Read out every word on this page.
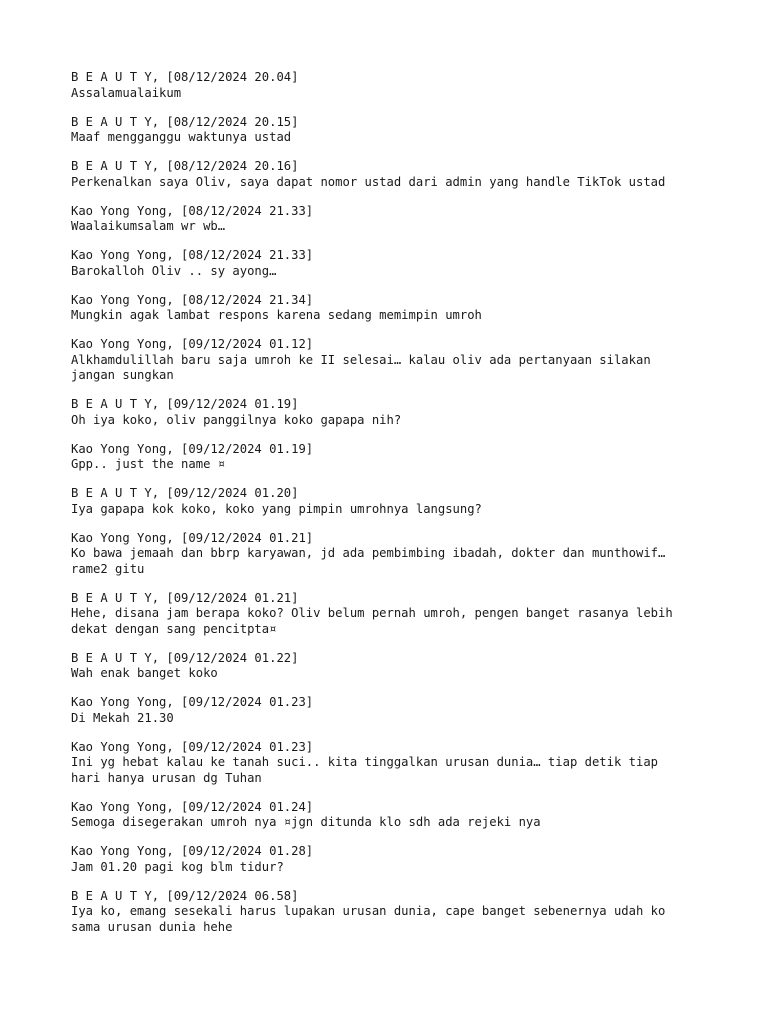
B E A U T Y, [08/12/2024 20.04]
Assalamualaikum
B E A U T Y, [08/12/2024 20.15]
Maaf mengganggu waktunya ustad
B E A U T Y, [08/12/2024 20.16]
Perkenalkan saya Oliv, saya dapat nomor ustad dari admin yang handle TikTok ustad
Kao Yong Yong, [08/12/2024 21.33]
Waalaikumsalam wr wb…
Kao Yong Yong, [08/12/2024 21.33]
Barokalloh Oliv .. sy ayong…
Kao Yong Yong, [08/12/2024 21.34]
Mungkin agak lambat respons karena sedang memimpin umroh
Kao Yong Yong, [09/12/2024 01.12]
Alkhamdulillah baru saja umroh ke II selesai… kalau oliv ada pertanyaan silakan
jangan sungkan
B E A U T Y, [09/12/2024 01.19]
Oh iya koko, oliv panggilnya koko gapapa nih?
Kao Yong Yong, [09/12/2024 01.19]
Gpp.. just the name ¤
B E A U T Y, [09/12/2024 01.20]
Iya gapapa kok koko, koko yang pimpin umrohnya langsung?
Kao Yong Yong, [09/12/2024 01.21]
Ko bawa jemaah dan bbrp karyawan, jd ada pembimbing ibadah, dokter dan munthowif…
rame2 gitu
B E A U T Y, [09/12/2024 01.21]
Hehe, disana jam berapa koko? Oliv belum pernah umroh, pengen banget rasanya lebih
dekat dengan sang pencitpta¤
B E A U T Y, [09/12/2024 01.22]
Wah enak banget koko
Kao Yong Yong, [09/12/2024 01.23]
Di Mekah 21.30
Kao Yong Yong, [09/12/2024 01.23]
Ini yg hebat kalau ke tanah suci.. kita tinggalkan urusan dunia… tiap detik tiap
hari hanya urusan dg Tuhan
Kao Yong Yong, [09/12/2024 01.24]
Semoga disegerakan umroh nya ¤jgn ditunda klo sdh ada rejeki nya
Kao Yong Yong, [09/12/2024 01.28]
Jam 01.20 pagi kog blm tidur?
B E A U T Y, [09/12/2024 06.58]
Iya ko, emang sesekali harus lupakan urusan dunia, cape banget sebenernya udah ko
sama urusan dunia hehe
